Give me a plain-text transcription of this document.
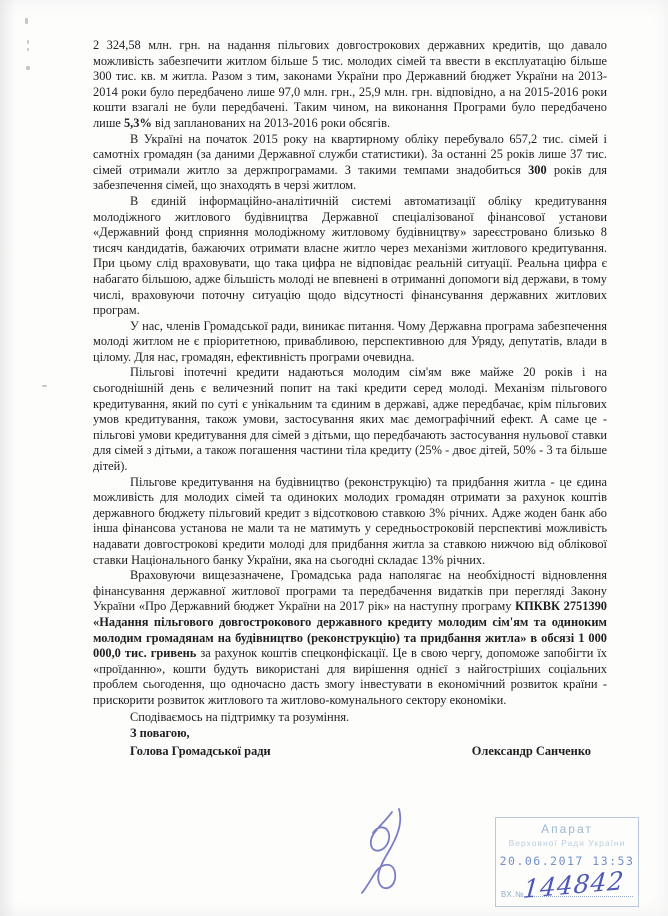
2 324,58 млн. грн. на надання пільгових довгострокових державних кредитів, що давало можливість забезпечити житлом більше 5 тис. молодих сімей та ввести в експлуатацію більше 300 тис. кв. м житла. Разом з тим, законами України про Державний бюджет України на 2013-2014 роки було передбачено лише 97,0 млн. грн., 25,9 млн. грн. відповідно, а на 2015-2016 роки кошти взагалі не були передбачені. Таким чином, на виконання Програми було передбачено лише 5,3% від запланованих на 2013-2016 роки обсягів.

В Україні на початок 2015 року на квартирному обліку перебувало 657,2 тис. сімей і самотніх громадян (за даними Державної служби статистики). За останні 25 років лише 37 тис. сімей отримали житло за держпрограмами. З такими темпами знадобиться 300 років для забезпечення сімей, що знаходять в черзі житлом.

В єдиній інформаційно-аналітичній системі автоматизації обліку кредитування молодіжного житлового будівництва Державної спеціалізованої фінансової установи «Державний фонд сприяння молодіжному житловому будівництву» зареєстровано близько 8 тисяч кандидатів, бажаючих отримати власне житло через механізми житлового кредитування. При цьому слід враховувати, що така цифра не відповідає реальній ситуації. Реальна цифра є набагато більшою, адже більшість молоді не впевнені в отриманні допомоги від держави, в тому числі, враховуючи поточну ситуацію щодо відсутності фінансування державних житлових програм.

У нас, членів Громадської ради, виникає питання. Чому Державна програма забезпечення молоді житлом не є пріоритетною, привабливою, перспективною для Уряду, депутатів, влади в цілому. Для нас, громадян, ефективність програми очевидна.

Пільгові іпотечні кредити надаються молодим сім'ям вже майже 20 років і на сьогоднішній день є величезний попит на такі кредити серед молоді. Механізм пільгового кредитування, який по суті є унікальним та єдиним в державі, адже передбачає, крім пільгових умов кредитування, також умови, застосування яких має демографічний ефект. А саме це - пільгові умови кредитування для сімей з дітьми, що передбачають застосування нульової ставки для сімей з дітьми, а також погашення частини тіла кредиту (25% - двоє дітей, 50% - 3 та більше дітей).

Пільгове кредитування на будівництво (реконструкцію) та придбання житла - це єдина можливість для молодих сімей та одиноких молодих громадян отримати за рахунок коштів державного бюджету пільговий кредит з відсотковою ставкою 3% річних. Адже жоден банк або інша фінансова установа не мали та не матимуть у середньостроковій перспективі можливість надавати довгострокові кредити молоді для придбання житла за ставкою нижчою від облікової ставки Національного банку України, яка на сьогодні складає 13% річних.

Враховуючи вищезазначене, Громадська рада наполягає на необхідності відновлення фінансування державної житлової програми та передбачення видатків при перегляді Закону України «Про Державний бюджет України на 2017 рік» на наступну програму КПКВК 2751390 «Надання пільгового довгострокового державного кредиту молодим сім'ям та одиноким молодим громадянам на будівництво (реконструкцію) та придбання житла» в обсязі 1 000 000,0 тис. гривень за рахунок коштів спецконфіскації. Це в свою чергу, допоможе запобігти їх «проїданню», кошти будуть використані для вирішення однієї з найгостріших соціальних проблем сьогодення, що одночасно дасть змогу інвестувати в економічний розвиток країни - прискорити розвиток житлового та житлово-комунального сектору економіки.

Сподіваємось на підтримку та розуміння.

З повагою,

Голова Громадської ради	Олександр Санченко
Апарат
Верховної Ради України
20.06.2017 13:53
ВХ.№
144842
